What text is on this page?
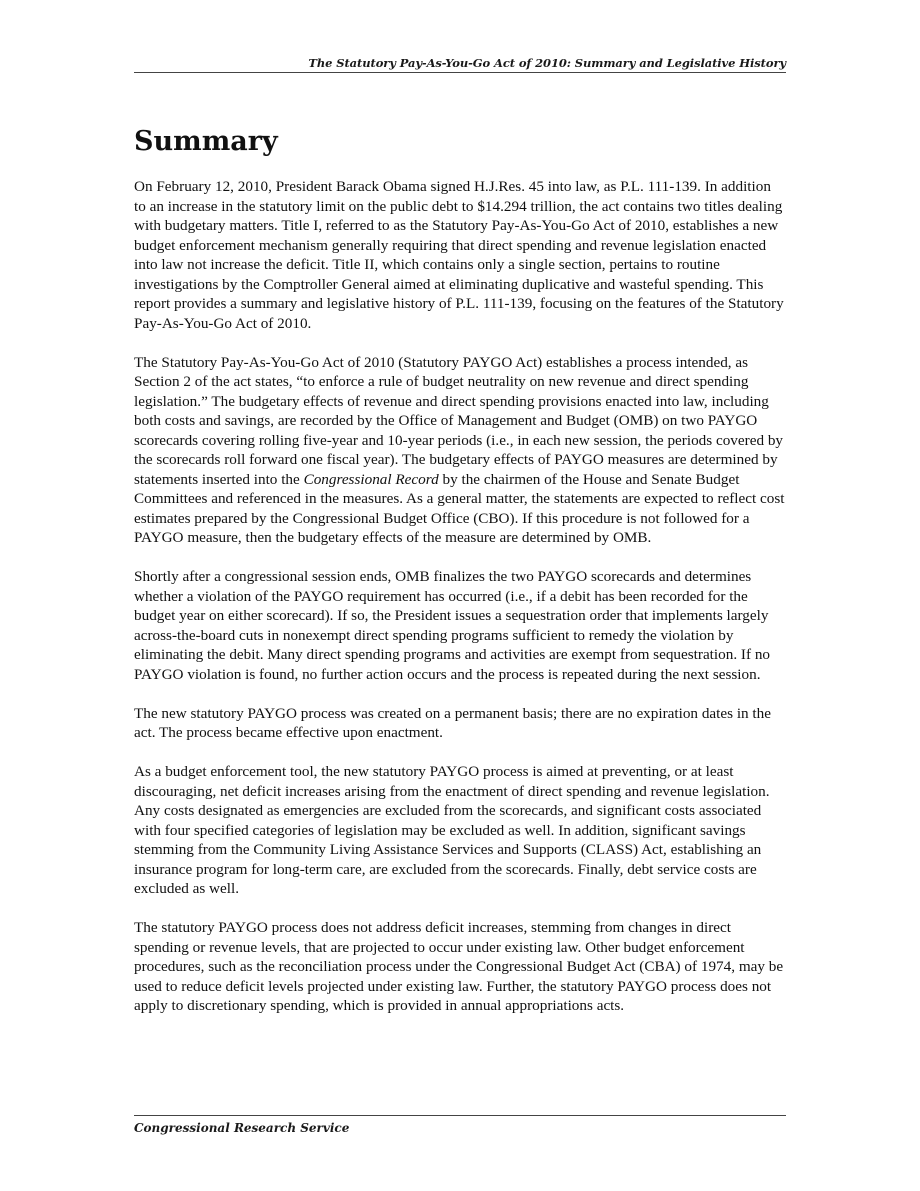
The Statutory Pay-As-You-Go Act of 2010: Summary and Legislative History
Summary

On February 12, 2010, President Barack Obama signed H.J.Res. 45 into law, as P.L. 111-139. In addition to an increase in the statutory limit on the public debt to $14.294 trillion, the act contains two titles dealing with budgetary matters. Title I, referred to as the Statutory Pay-As-You-Go Act of 2010, establishes a new budget enforcement mechanism generally requiring that direct spending and revenue legislation enacted into law not increase the deficit. Title II, which contains only a single section, pertains to routine investigations by the Comptroller General aimed at eliminating duplicative and wasteful spending. This report provides a summary and legislative history of P.L. 111-139, focusing on the features of the Statutory Pay-As-You-Go Act of 2010.

The Statutory Pay-As-You-Go Act of 2010 (Statutory PAYGO Act) establishes a process intended, as Section 2 of the act states, “to enforce a rule of budget neutrality on new revenue and direct spending legislation.” The budgetary effects of revenue and direct spending provisions enacted into law, including both costs and savings, are recorded by the Office of Management and Budget (OMB) on two PAYGO scorecards covering rolling five-year and 10-year periods (i.e., in each new session, the periods covered by the scorecards roll forward one fiscal year). The budgetary effects of PAYGO measures are determined by statements inserted into the Congressional Record by the chairmen of the House and Senate Budget Committees and referenced in the measures. As a general matter, the statements are expected to reflect cost estimates prepared by the Congressional Budget Office (CBO). If this procedure is not followed for a PAYGO measure, then the budgetary effects of the measure are determined by OMB.

Shortly after a congressional session ends, OMB finalizes the two PAYGO scorecards and determines whether a violation of the PAYGO requirement has occurred (i.e., if a debit has been recorded for the budget year on either scorecard). If so, the President issues a sequestration order that implements largely across-the-board cuts in nonexempt direct spending programs sufficient to remedy the violation by eliminating the debit. Many direct spending programs and activities are exempt from sequestration. If no PAYGO violation is found, no further action occurs and the process is repeated during the next session.

The new statutory PAYGO process was created on a permanent basis; there are no expiration dates in the act. The process became effective upon enactment.

As a budget enforcement tool, the new statutory PAYGO process is aimed at preventing, or at least discouraging, net deficit increases arising from the enactment of direct spending and revenue legislation. Any costs designated as emergencies are excluded from the scorecards, and significant costs associated with four specified categories of legislation may be excluded as well. In addition, significant savings stemming from the Community Living Assistance Services and Supports (CLASS) Act, establishing an insurance program for long-term care, are excluded from the scorecards. Finally, debt service costs are excluded as well.

The statutory PAYGO process does not address deficit increases, stemming from changes in direct spending or revenue levels, that are projected to occur under existing law. Other budget enforcement procedures, such as the reconciliation process under the Congressional Budget Act (CBA) of 1974, may be used to reduce deficit levels projected under existing law. Further, the statutory PAYGO process does not apply to discretionary spending, which is provided in annual appropriations acts.

Congressional Research Service
